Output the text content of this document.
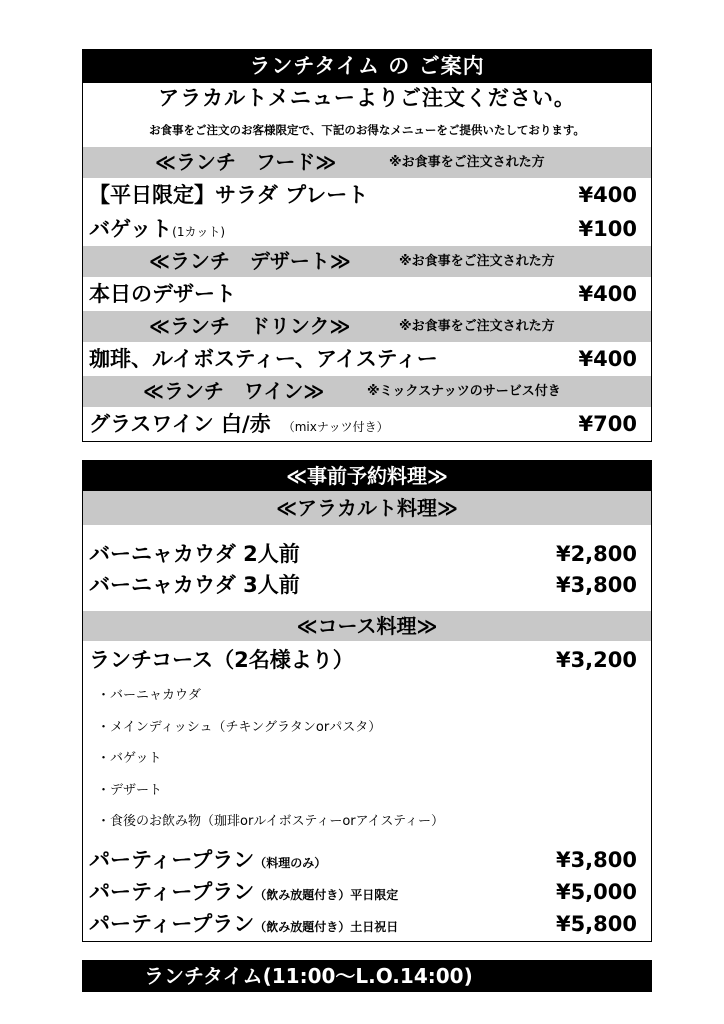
ランチタイム の ご案内
アラカルトメニューよりご注文ください。
お食事をご注文のお客様限定で、下記のお得なメニューをご提供いたしております。
≪ランチ　フード≫	※お食事をご注文された方
【平日限定】サラダ プレート	¥400
バゲット(1カット)	¥100
≪ランチ　デザート≫	※お食事をご注文された方
本日のデザート	¥400
≪ランチ　ドリンク≫	※お食事をご注文された方
珈琲、ルイボスティー、アイスティー	¥400
≪ランチ　ワイン≫	※ミックスナッツのサービス付き
グラスワイン 白/赤 （mixナッツ付き）	¥700
≪事前予約料理≫
≪アラカルト料理≫
バーニャカウダ 2人前	¥2,800
バーニャカウダ 3人前	¥3,800
≪コース料理≫
ランチコース（2名様より）	¥3,200
・バーニャカウダ
・メインディッシュ（チキングラタンorパスタ）
・バゲット
・デザート
・食後のお飲み物（珈琲orルイボスティーorアイスティー）
パーティープラン（料理のみ）	¥3,800
パーティープラン（飲み放題付き）平日限定	¥5,000
パーティープラン（飲み放題付き）土日祝日	¥5,800
ランチタイム(11:00～L.O.14:00)
